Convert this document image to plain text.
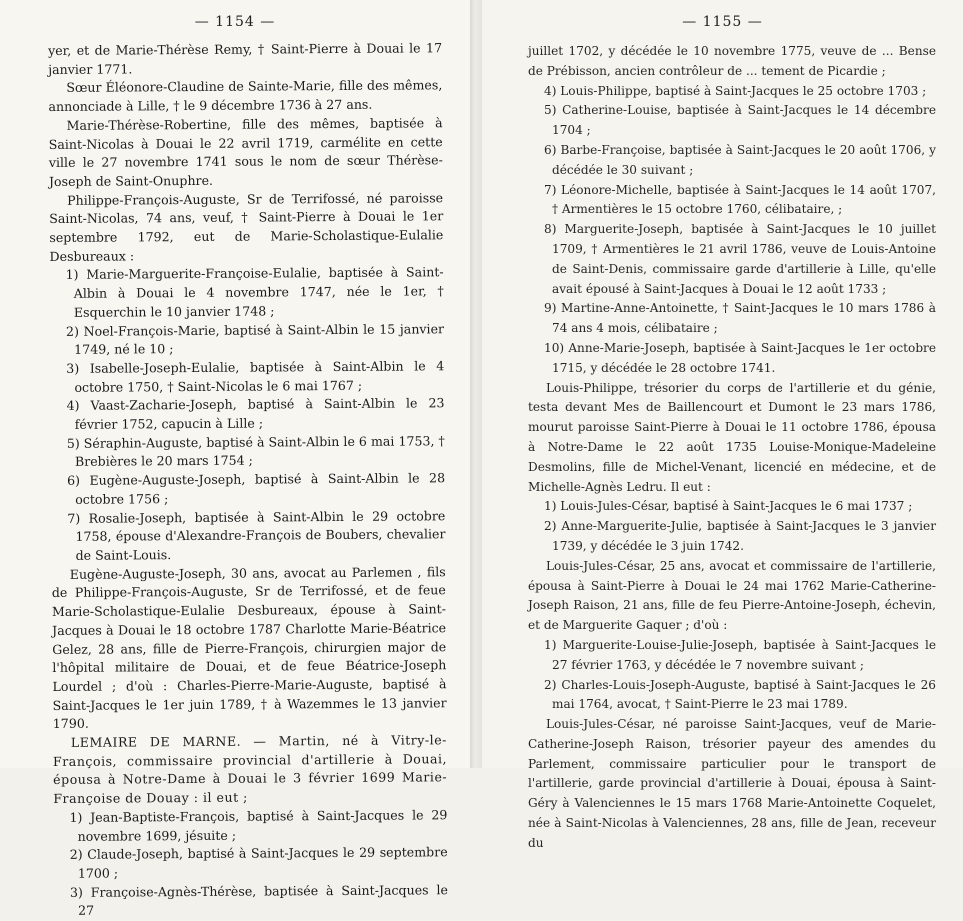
— 1154 —

yer, et de Marie-Thérèse Remy, † Saint-Pierre à Douai le 17 janvier 1771.

Sœur Éléonore-Claudine de Sainte-Marie, fille des mêmes, annonciade à Lille, † le 9 décembre 1736 à 27 ans.

Marie-Thérèse-Robertine, fille des mêmes, baptisée à Saint-Nicolas à Douai le 22 avril 1719, carmélite en cette ville le 27 novembre 1741 sous le nom de sœur Thérèse-Joseph de Saint-Onuphre.

Philippe-François-Auguste, Sr de Terrifossé, né paroisse Saint-Nicolas, 74 ans, veuf, † Saint-Pierre à Douai le 1er septembre 1792, eut de Marie-Scholastique-Eulalie Desbureaux :

1) Marie-Marguerite-Françoise-Eulalie, baptisée à Saint-Albin à Douai le 4 novembre 1747, née le 1er, † Esquerchin le 10 janvier 1748 ;

2) Noel-François-Marie, baptisé à Saint-Albin le 15 janvier 1749, né le 10 ;

3) Isabelle-Joseph-Eulalie, baptisée à Saint-Albin le 4 octobre 1750, † Saint-Nicolas le 6 mai 1767 ;

4) Vaast-Zacharie-Joseph, baptisé à Saint-Albin le 23 février 1752, capucin à Lille ;

5) Séraphin-Auguste, baptisé à Saint-Albin le 6 mai 1753, † Brebières le 20 mars 1754 ;

6) Eugène-Auguste-Joseph, baptisé à Saint-Albin le 28 octobre 1756 ;

7) Rosalie-Joseph, baptisée à Saint-Albin le 29 octobre 1758, épouse d'Alexandre-François de Boubers, chevalier de Saint-Louis.

Eugène-Auguste-Joseph, 30 ans, avocat au Parlemen , fils de Philippe-François-Auguste, Sr de Terrifossé, et de feue Marie-Scholastique-Eulalie Desbureaux, épouse à Saint-Jacques à Douai le 18 octobre 1787 Charlotte Marie-Béatrice Gelez, 28 ans, fille de Pierre-François, chirurgien major de l'hôpital militaire de Douai, et de feue Béatrice-Joseph Lourdel ; d'où : Charles-Pierre-Marie-Auguste, baptisé à Saint-Jacques le 1er juin 1789, † à Wazemmes le 13 janvier 1790.

LEMAIRE DE MARNE. — Martin, né à Vitry-le-François, commissaire provincial d'artillerie à Douai, épousa à Notre-Dame à Douai le 3 février 1699 Marie-Françoise de Douay : il eut ;

1) Jean-Baptiste-François, baptisé à Saint-Jacques le 29 novembre 1699, jésuite ;

2) Claude-Joseph, baptisé à Saint-Jacques le 29 septembre 1700 ;

3) Françoise-Agnès-Thérèse, baptisée à Saint-Jacques le 27

— 1155 —

juillet 1702, y décédée le 10 novembre 1775, veuve de ... Bense de Prébisson, ancien contrôleur de ... tement de Picardie ;

4) Louis-Philippe, baptisé à Saint-Jacques le 25 octobre 1703 ;

5) Catherine-Louise, baptisée à Saint-Jacques le 14 décembre 1704 ;

6) Barbe-Françoise, baptisée à Saint-Jacques le 20 août 1706, y décédée le 30 suivant ;

7) Léonore-Michelle, baptisée à Saint-Jacques le 14 août 1707, † Armentières le 15 octobre 1760, célibataire, ;

8) Marguerite-Joseph, baptisée à Saint-Jacques le 10 juillet 1709, † Armentières le 21 avril 1786, veuve de Louis-Antoine de Saint-Denis, commissaire garde d'artillerie à Lille, qu'elle avait épousé à Saint-Jacques à Douai le 12 août 1733 ;

9) Martine-Anne-Antoinette, † Saint-Jacques le 10 mars 1786 à 74 ans 4 mois, célibataire ;

10) Anne-Marie-Joseph, baptisée à Saint-Jacques le 1er octobre 1715, y décédée le 28 octobre 1741.

Louis-Philippe, trésorier du corps de l'artillerie et du génie, testa devant Mes de Baillencourt et Dumont le 23 mars 1786, mourut paroisse Saint-Pierre à Douai le 11 octobre 1786, épousa à Notre-Dame le 22 août 1735 Louise-Monique-Madeleine Desmolins, fille de Michel-Venant, licencié en médecine, et de Michelle-Agnès Ledru. Il eut :

1) Louis-Jules-César, baptisé à Saint-Jacques le 6 mai 1737 ;

2) Anne-Marguerite-Julie, baptisée à Saint-Jacques le 3 janvier 1739, y décédée le 3 juin 1742.

Louis-Jules-César, 25 ans, avocat et commissaire de l'artillerie, épousa à Saint-Pierre à Douai le 24 mai 1762 Marie-Catherine-Joseph Raison, 21 ans, fille de feu Pierre-Antoine-Joseph, échevin, et de Marguerite Gaquer ; d'où :

1) Marguerite-Louise-Julie-Joseph, baptisée à Saint-Jacques le 27 février 1763, y décédée le 7 novembre suivant ;

2) Charles-Louis-Joseph-Auguste, baptisé à Saint-Jacques le 26 mai 1764, avocat, † Saint-Pierre le 23 mai 1789.

Louis-Jules-César, né paroisse Saint-Jacques, veuf de Marie-Catherine-Joseph Raison, trésorier payeur des amendes du Parlement, commissaire particulier pour le transport de l'artillerie, garde provincial d'artillerie à Douai, épousa à Saint-Géry à Valenciennes le 15 mars 1768 Marie-Antoinette Coquelet, née à Saint-Nicolas à Valenciennes, 28 ans, fille de Jean, receveur du
